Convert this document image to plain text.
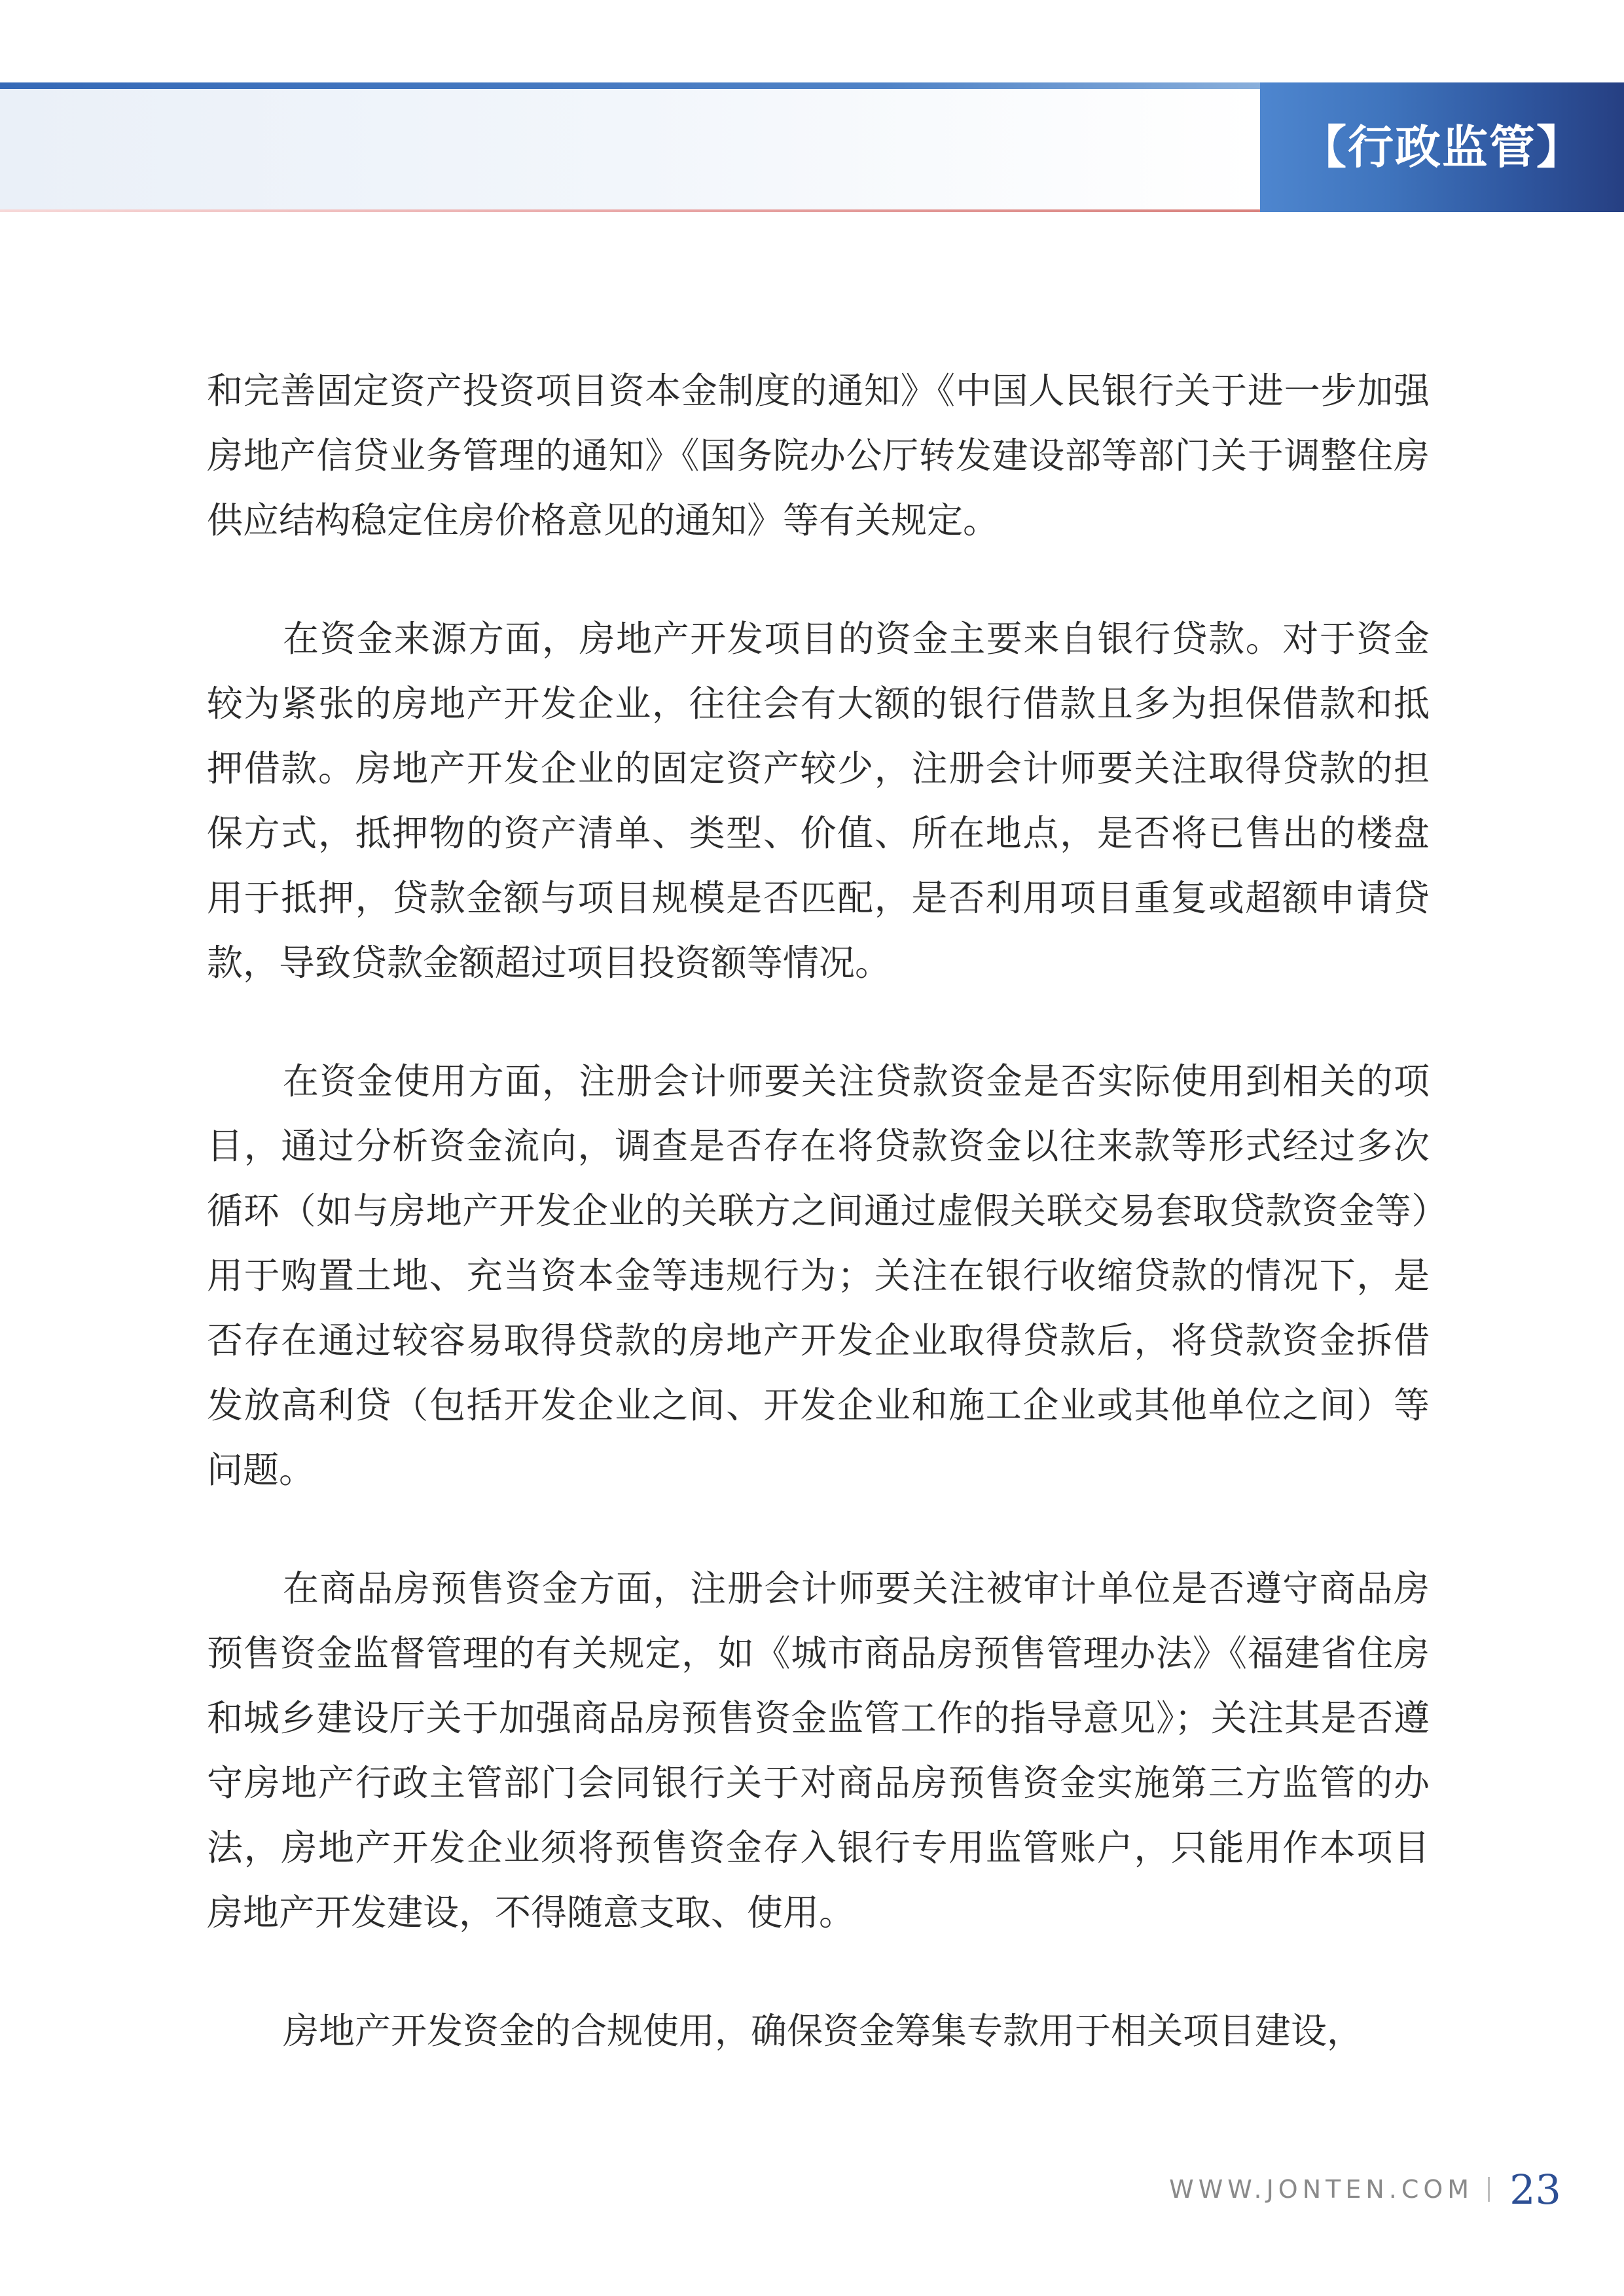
【行政监管】

和完善固定资产投资项目资本金制度的通知》《中国人民银行关于进一步加强房地产信贷业务管理的通知》《国务院办公厅转发建设部等部门关于调整住房供应结构稳定住房价格意见的通知》等有关规定。

在资金来源方面，房地产开发项目的资金主要来自银行贷款。对于资金较为紧张的房地产开发企业，往往会有大额的银行借款且多为担保借款和抵押借款。房地产开发企业的固定资产较少，注册会计师要关注取得贷款的担保方式，抵押物的资产清单、类型、价值、所在地点，是否将已售出的楼盘用于抵押，贷款金额与项目规模是否匹配，是否利用项目重复或超额申请贷款，导致贷款金额超过项目投资额等情况。

在资金使用方面，注册会计师要关注贷款资金是否实际使用到相关的项目，通过分析资金流向，调查是否存在将贷款资金以往来款等形式经过多次循环（如与房地产开发企业的关联方之间通过虚假关联交易套取贷款资金等）用于购置土地、充当资本金等违规行为；关注在银行收缩贷款的情况下，是否存在通过较容易取得贷款的房地产开发企业取得贷款后，将贷款资金拆借发放高利贷（包括开发企业之间、开发企业和施工企业或其他单位之间）等问题。

在商品房预售资金方面，注册会计师要关注被审计单位是否遵守商品房预售资金监督管理的有关规定，如《城市商品房预售管理办法》《福建省住房和城乡建设厅关于加强商品房预售资金监管工作的指导意见》；关注其是否遵守房地产行政主管部门会同银行关于对商品房预售资金实施第三方监管的办法，房地产开发企业须将预售资金存入银行专用监管账户，只能用作本项目房地产开发建设，不得随意支取、使用。

房地产开发资金的合规使用，确保资金筹集专款用于相关项目建设，

WWW.JONTEN.COM 23
